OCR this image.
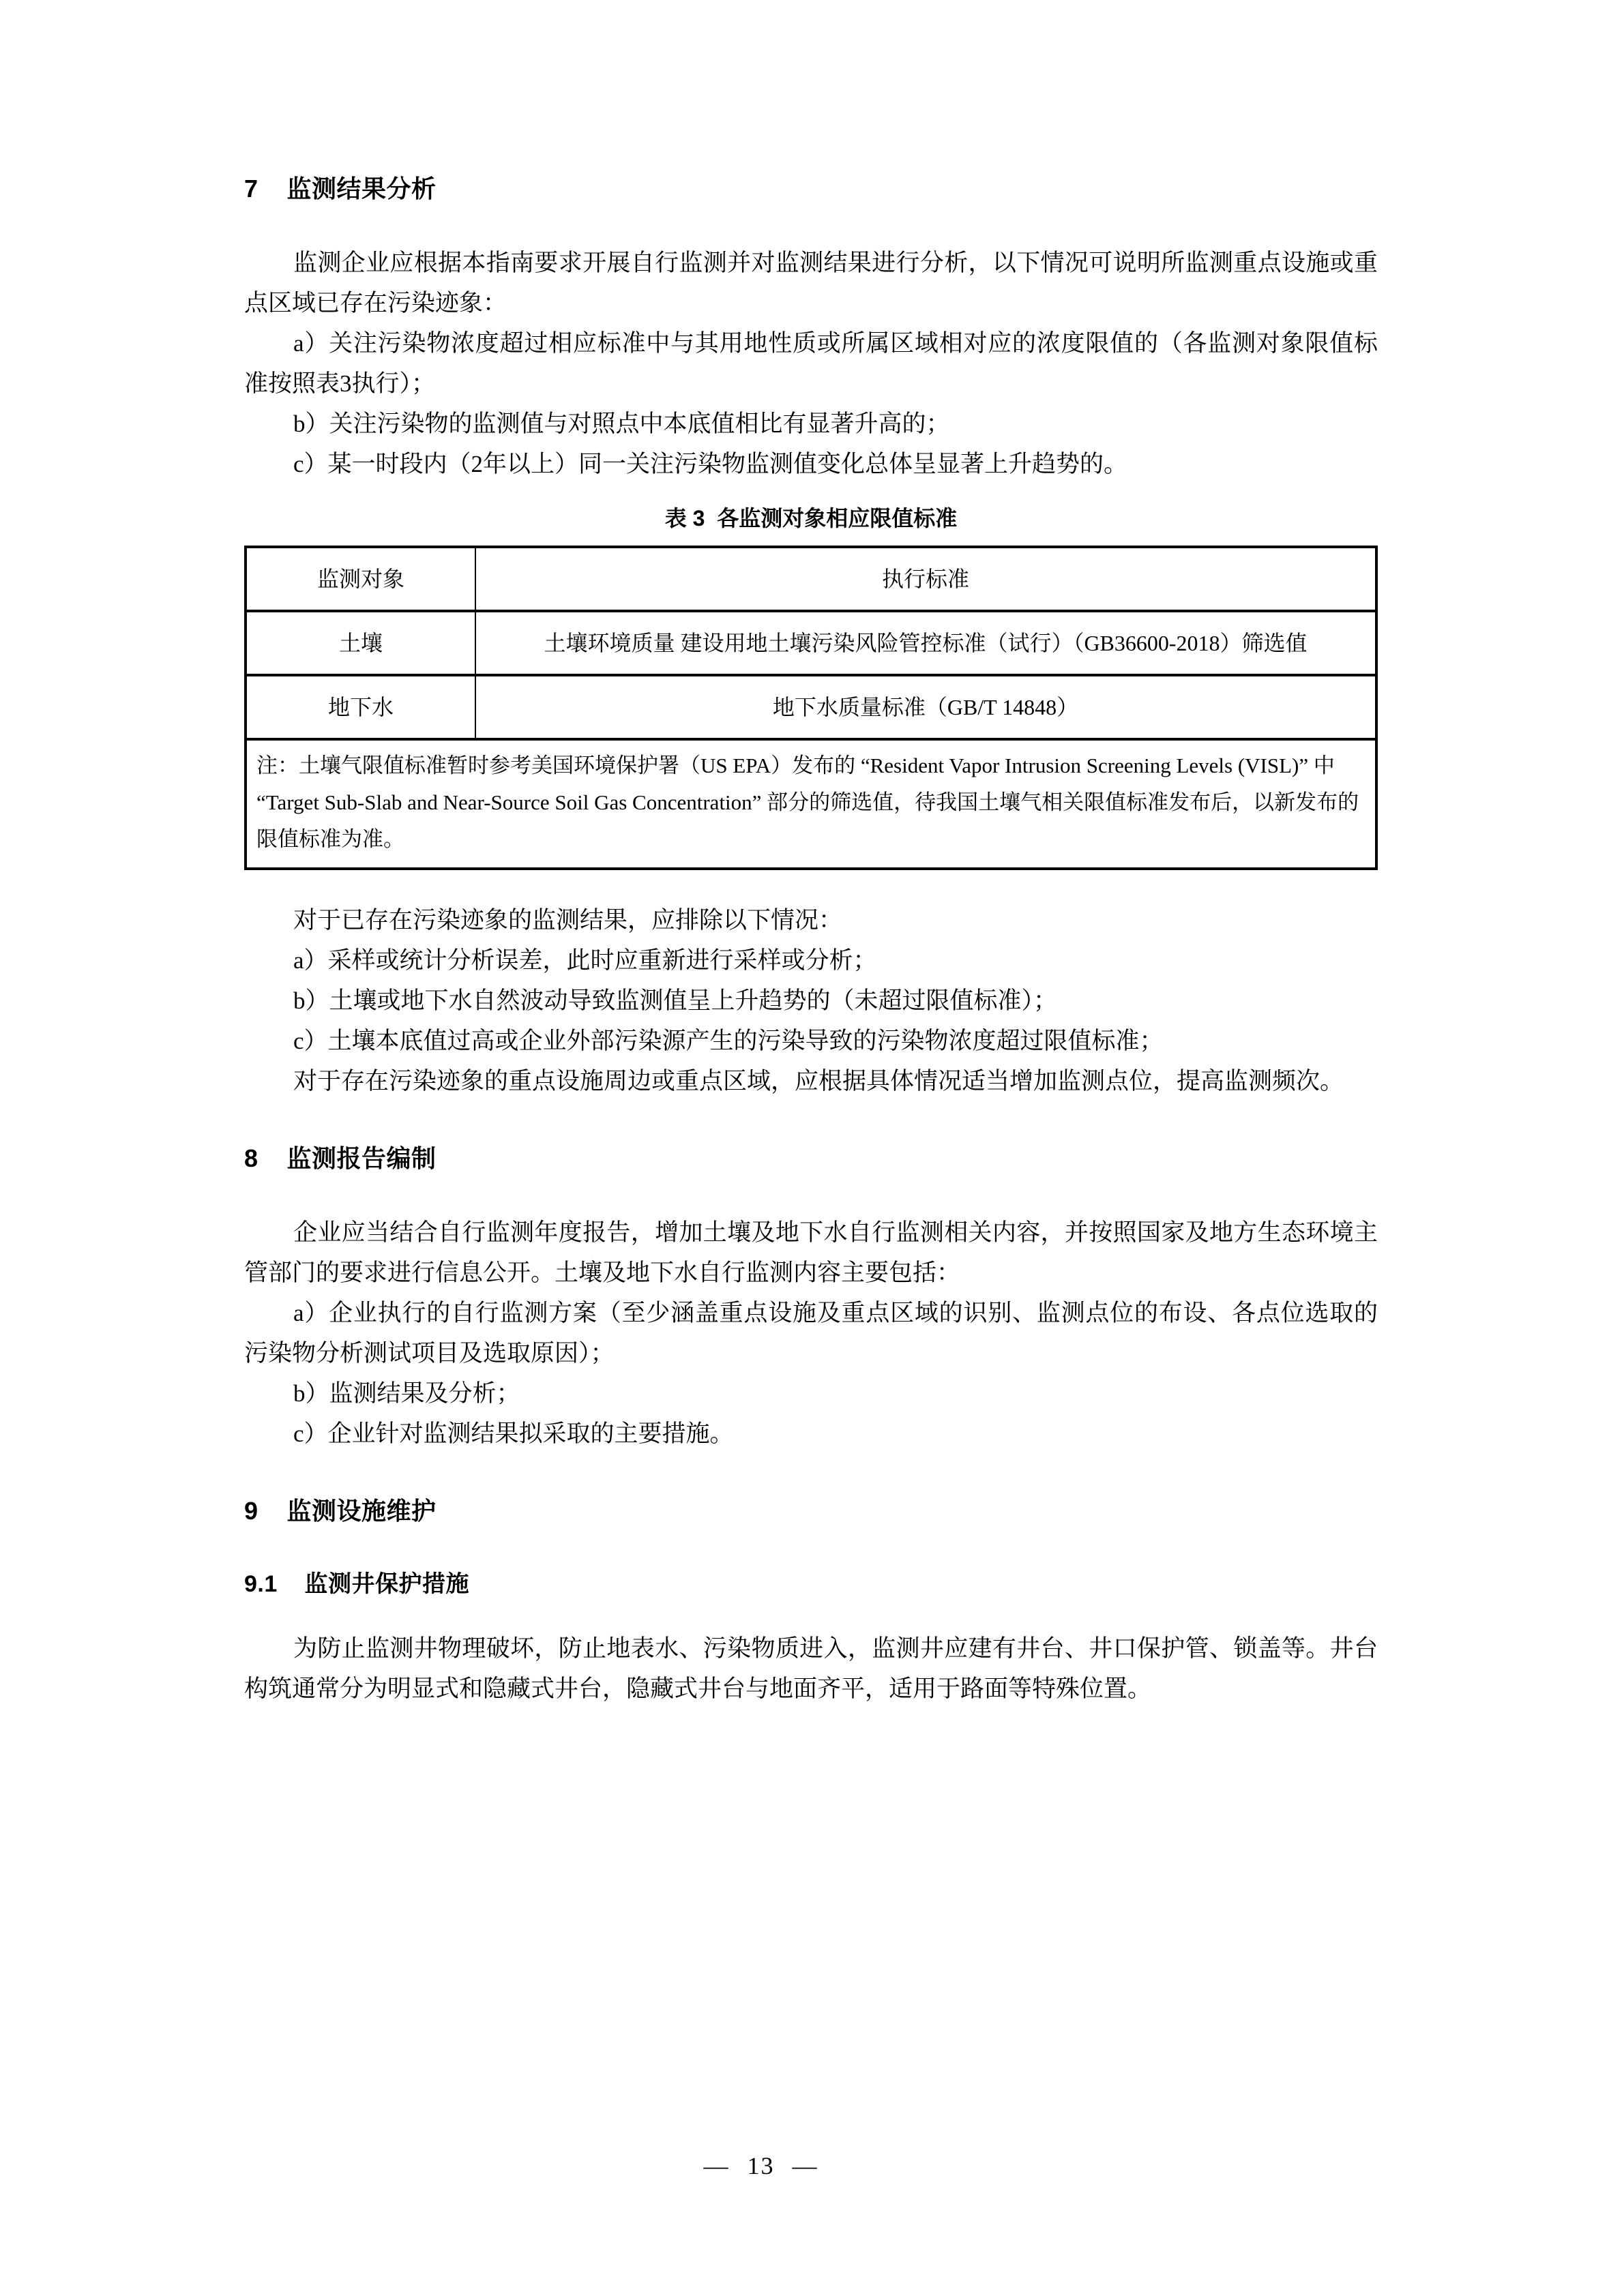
7    监测结果分析

监测企业应根据本指南要求开展自行监测并对监测结果进行分析，以下情况可说明所监测重点设施或重点区域已存在污染迹象：

a）关注污染物浓度超过相应标准中与其用地性质或所属区域相对应的浓度限值的（各监测对象限值标准按照表3执行）；

b）关注污染物的监测值与对照点中本底值相比有显著升高的；

c）某一时段内（2年以上）同一关注污染物监测值变化总体呈显著上升趋势的。

表 3  各监测对象相应限值标准

监测对象	执行标准
土壤	土壤环境质量 建设用地土壤污染风险管控标准（试行）（GB36600-2018）筛选值
地下水	地下水质量标准（GB/T 14848）
注：土壤气限值标准暂时参考美国环境保护署（US EPA）发布的 “Resident Vapor Intrusion Screening Levels (VISL)” 中 “Target Sub-Slab and Near-Source Soil Gas Concentration” 部分的筛选值，待我国土壤气相关限值标准发布后，以新发布的限值标准为准。	

对于已存在污染迹象的监测结果，应排除以下情况：

a）采样或统计分析误差，此时应重新进行采样或分析；

b）土壤或地下水自然波动导致监测值呈上升趋势的（未超过限值标准）；

c）土壤本底值过高或企业外部污染源产生的污染导致的污染物浓度超过限值标准；

对于存在污染迹象的重点设施周边或重点区域，应根据具体情况适当增加监测点位，提高监测频次。

8    监测报告编制

企业应当结合自行监测年度报告，增加土壤及地下水自行监测相关内容，并按照国家及地方生态环境主管部门的要求进行信息公开。土壤及地下水自行监测内容主要包括：

a）企业执行的自行监测方案（至少涵盖重点设施及重点区域的识别、监测点位的布设、各点位选取的污染物分析测试项目及选取原因）；

b）监测结果及分析；

c）企业针对监测结果拟采取的主要措施。

9    监测设施维护
9.1    监测井保护措施

为防止监测井物理破坏，防止地表水、污染物质进入，监测井应建有井台、井口保护管、锁盖等。井台构筑通常分为明显式和隐藏式井台，隐藏式井台与地面齐平，适用于路面等特殊位置。

— 13 —
